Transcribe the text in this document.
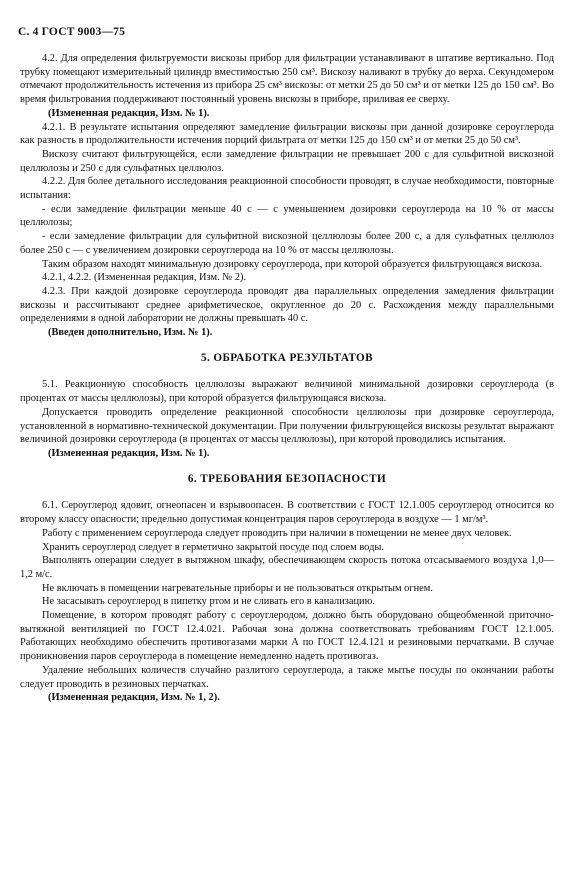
С. 4 ГОСТ 9003—75

4.2. Для определения фильтруемости вискозы прибор для фильтрации устанавливают в штативе вертикально. Под трубку помещают измерительный цилиндр вместимостью 250 см³. Вискозу наливают в трубку до верха. Секундомером отмечают продолжительность истечения из прибора 25 см³ вискозы: от метки 25 до 50 см³ и от метки 125 до 150 см³. Во время фильтрования поддерживают постоянный уровень вискозы в приборе, приливая ее сверху.

(Измененная редакция, Изм. № 1).

4.2.1. В результате испытания определяют замедление фильтрации вискозы при данной дозировке сероуглерода как разность в продолжительности истечения порций фильтрата от метки 125 до 150 см³ и от метки 25 до 50 см³.

Вискозу считают фильтрующейся, если замедление фильтрации не превышает 200 с для сульфитной вискозной целлюлозы и 250 с для сульфатных целлюлоз.

4.2.2. Для более детального исследования реакционной способности проводят, в случае необходимости, повторные испытания:

- если замедление фильтрации меньше 40 с — с уменьшением дозировки сероуглерода на 10 % от массы целлюлозы;

- если замедление фильтрации для сульфитной вискозной целлюлозы более 200 с, а для сульфатных целлюлоз более 250 с — с увеличением дозировки сероуглерода на 10 % от массы целлюлозы.

Таким образом находят минимальную дозировку сероуглерода, при которой образуется фильтрующаяся вискоза.

4.2.1, 4.2.2. (Измененная редакция, Изм. № 2).

4.2.3. При каждой дозировке сероуглерода проводят два параллельных определения замедления фильтрации вискозы и рассчитывают среднее арифметическое, округленное до 20 с. Расхождения между параллельными определениями в одной лаборатории не должны превышать 40 с.

(Введен дополнительно, Изм. № 1).

5. ОБРАБОТКА РЕЗУЛЬТАТОВ

5.1. Реакционную способность целлюлозы выражают величиной минимальной дозировки сероуглерода (в процентах от массы целлюлозы), при которой образуется фильтрующаяся вискоза.

Допускается проводить определение реакционной способности целлюлозы при дозировке сероуглерода, установленной в нормативно-технической документации. При получении фильтрующейся вискозы результат выражают величиной дозировки сероуглерода (в процентах от массы целлюлозы), при которой проводились испытания.

(Измененная редакция, Изм. № 1).

6. ТРЕБОВАНИЯ БЕЗОПАСНОСТИ

6.1. Сероуглерод ядовит, огнеопасен и взрывоопасен. В соответствии с ГОСТ 12.1.005 сероуглерод относится ко второму классу опасности; предельно допустимая концентрация паров сероуглерода в воздухе — 1 мг/м³.

Работу с применением сероуглерода следует проводить при наличии в помещении не менее двух человек.

Хранить сероуглерод следует в герметично закрытой посуде под слоем воды.

Выполнять операции следует в вытяжном шкафу, обеспечивающем скорость потока отсасываемого воздуха 1,0—1,2 м/с.

Не включать в помещении нагревательные приборы и не пользоваться открытым огнем.

Не засасывать сероуглерод в пипетку ртом и не сливать его в канализацию.

Помещение, в котором проводят работу с сероуглеродом, должно быть оборудовано общеобменной приточно-вытяжной вентиляцией по ГОСТ 12.4.021. Рабочая зона должна соответствовать требованиям ГОСТ 12.1.005. Работающих необходимо обеспечить противогазами марки А по ГОСТ 12.4.121 и резиновыми перчатками. В случае проникновения паров сероуглерода в помещение немедленно надеть противогаз.

Удаление небольших количеств случайно разлитого сероуглерода, а также мытье посуды по окончании работы следует проводить в резиновых перчатках.

(Измененная редакция, Изм. № 1, 2).
